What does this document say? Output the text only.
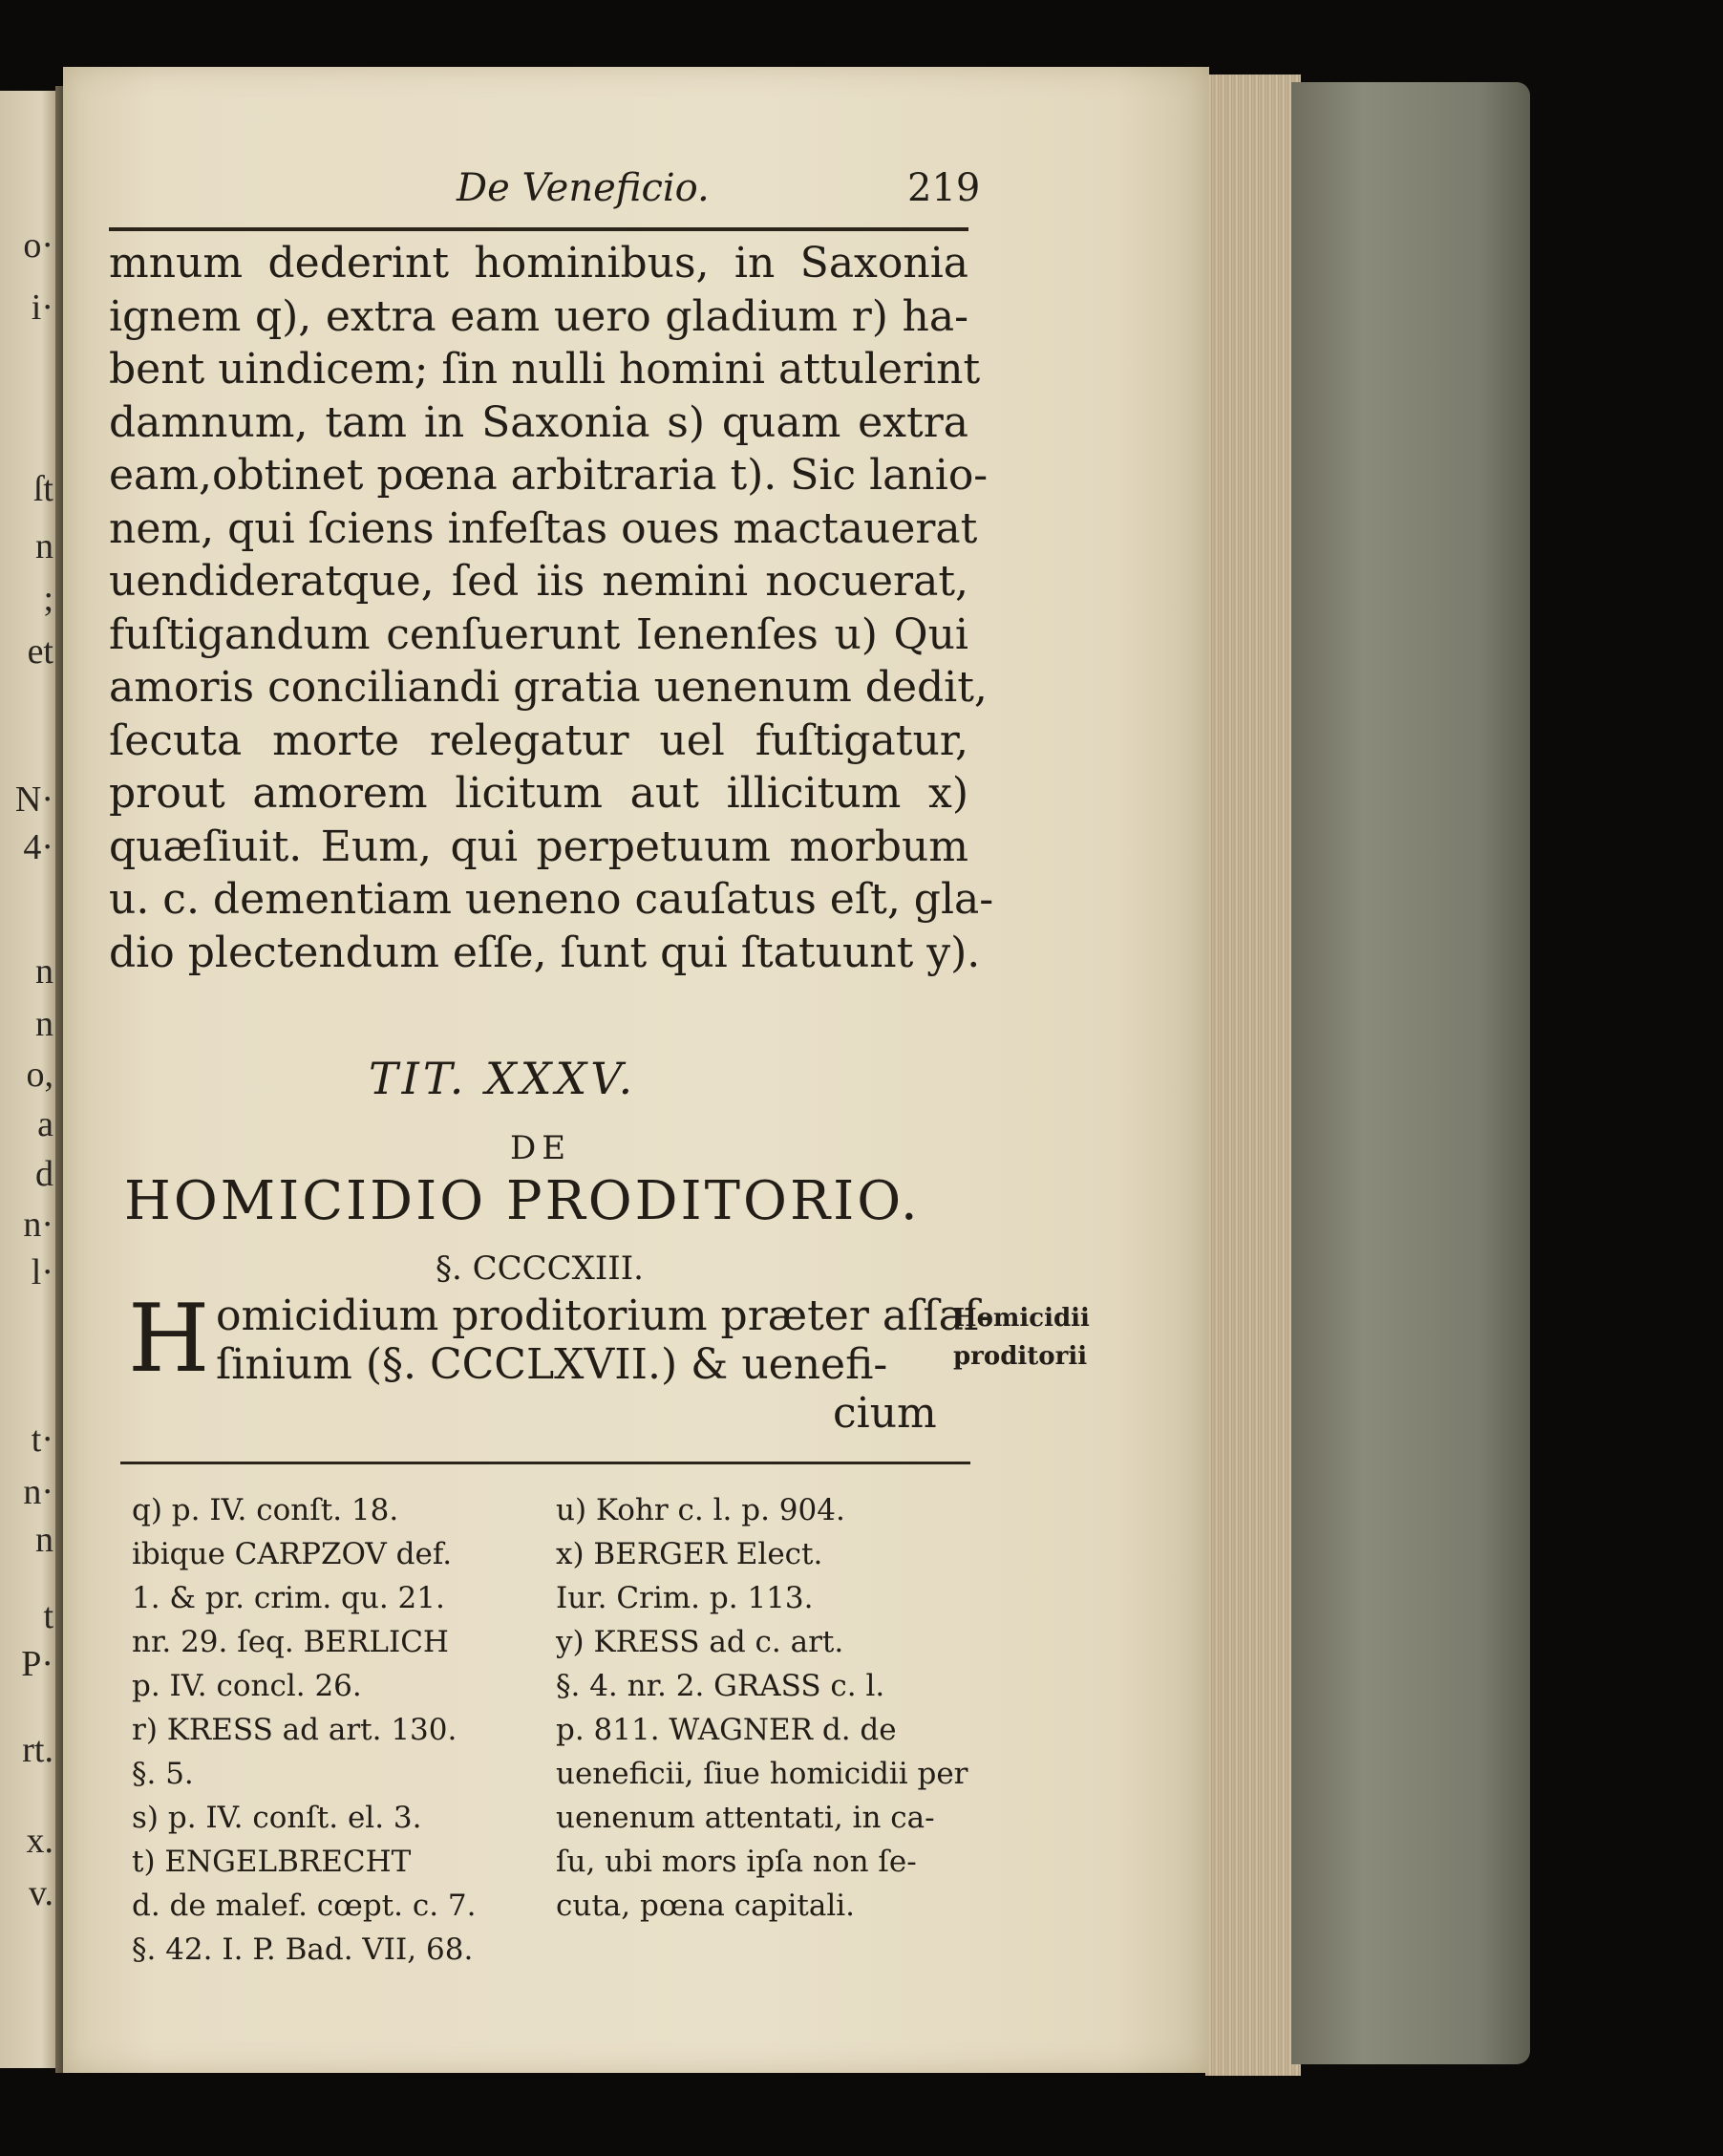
o·
i·
ſt
n
;
et
N·
4·
n
n
o,
a
d
n·
l·
t·
n·
n
t
P·
rt.
x.
v.
De Veneficio.	219
mnum dederint hominibus, in Saxonia
ignem q), extra eam uero gladium r) ha-
bent uindicem; ſin nulli homini attulerint
damnum, tam in Saxonia s) quam extra
eam,obtinet pœna arbitraria t). Sic lanio-
nem, qui ſciens infeſtas oues mactauerat
uendideratque, ſed iis nemini nocuerat,
fuſtigandum cenſuerunt Ienenſes u) Qui
amoris conciliandi gratia uenenum dedit,
ſecuta morte relegatur uel fuſtigatur,
prout amorem licitum aut illicitum x)
quæſiuit. Eum, qui perpetuum morbum
u. c. dementiam ueneno cauſatus eſt, gla-
dio plectendum eſſe, ſunt qui ſtatuunt y).
TIT. XXXV.
DE
HOMICIDIO PRODITORIO.
§. CCCCXIII.
H omicidium proditorium præter aſſaſ-
ſinium (§. CCCLXVII.) & uenefi-
cium
Homicidii
proditorii
q) p. IV. conſt. 18.
ibique CARPZOV def.
1. & pr. crim. qu. 21.
nr. 29. ſeq. BERLICH
p. IV. concl. 26.
r) KRESS ad art. 130.
§. 5.
s) p. IV. conſt. el. 3.
t) ENGELBRECHT
d. de malef. cœpt. c. 7.
§. 42. I. P. Bad. VII, 68.
u) Kohr c. l. p. 904.
x) BERGER Elect.
Iur. Crim. p. 113.
y) KRESS ad c. art.
§. 4. nr. 2. GRASS c. l.
p. 811. WAGNER d. de
ueneficii, ſiue homicidii per
uenenum attentati, in ca-
ſu, ubi mors ipſa non ſe-
cuta, pœna capitali.
